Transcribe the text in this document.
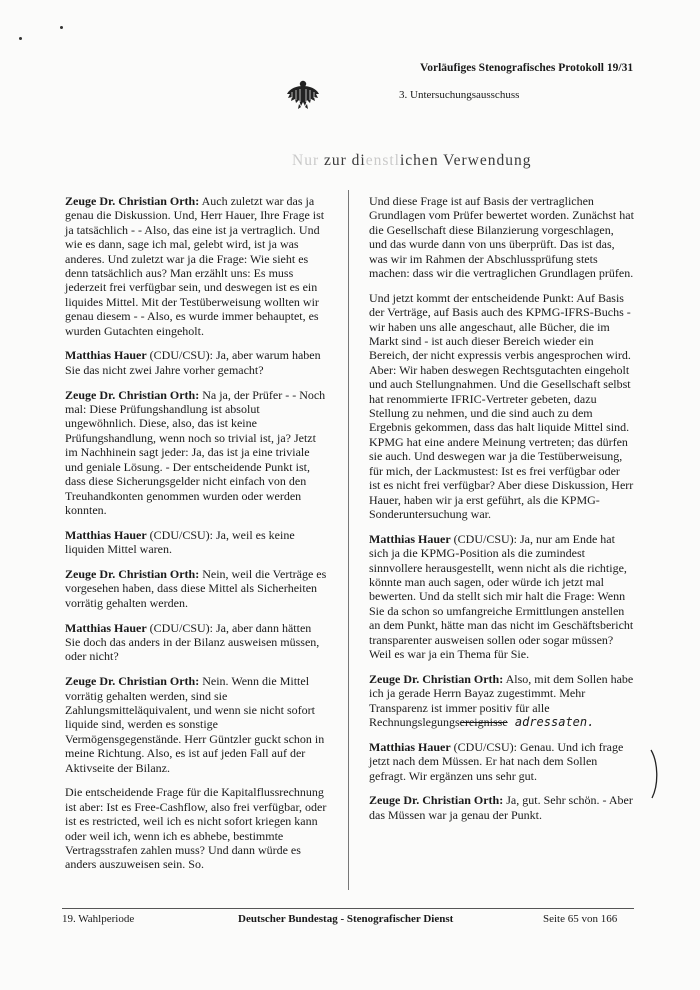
Vorläufiges Stenografisches Protokoll 19/31
3. Untersuchungsausschuss
Nur zur dienstlichen Verwendung

Zeuge Dr. Christian Orth: Auch zuletzt war das ja genau die Diskussion. Und, Herr Hauer, Ihre Frage ist ja tatsächlich - - Also, das eine ist ja vertraglich. Und wie es dann, sage ich mal, gelebt wird, ist ja was anderes. Und zuletzt war ja die Frage: Wie sieht es denn tatsächlich aus? Man erzählt uns: Es muss jederzeit frei verfügbar sein, und deswegen ist es ein liquides Mittel. Mit der Testüberweisung wollten wir genau diesem - - Also, es wurde immer behauptet, es wurden Gutachten eingeholt.

Matthias Hauer (CDU/CSU): Ja, aber warum haben Sie das nicht zwei Jahre vorher gemacht?

Zeuge Dr. Christian Orth: Na ja, der Prüfer - - Noch mal: Diese Prüfungshandlung ist absolut ungewöhnlich. Diese, also, das ist keine Prüfungshandlung, wenn noch so trivial ist, ja? Jetzt im Nachhinein sagt jeder: Ja, das ist ja eine triviale und geniale Lösung. - Der entscheidende Punkt ist, dass diese Sicherungsgelder nicht einfach von den Treuhandkonten genommen wurden oder werden konnten.

Matthias Hauer (CDU/CSU): Ja, weil es keine liquiden Mittel waren.

Zeuge Dr. Christian Orth: Nein, weil die Verträge es vorgesehen haben, dass diese Mittel als Sicherheiten vorrätig gehalten werden.

Matthias Hauer (CDU/CSU): Ja, aber dann hätten Sie doch das anders in der Bilanz ausweisen müssen, oder nicht?

Zeuge Dr. Christian Orth: Nein. Wenn die Mittel vorrätig gehalten werden, sind sie Zahlungsmitteläquivalent, und wenn sie nicht sofort liquide sind, werden es sonstige Vermögensgegenstände. Herr Güntzler guckt schon in meine Richtung. Also, es ist auf jeden Fall auf der Aktivseite der Bilanz.

Die entscheidende Frage für die Kapitalflussrechnung ist aber: Ist es Free-Cashflow, also frei verfügbar, oder ist es restricted, weil ich es nicht sofort kriegen kann oder weil ich, wenn ich es abhebe, bestimmte Vertragsstrafen zahlen muss? Und dann würde es anders auszuweisen sein. So.

Und diese Frage ist auf Basis der vertraglichen Grundlagen vom Prüfer bewertet worden. Zunächst hat die Gesellschaft diese Bilanzierung vorgeschlagen, und das wurde dann von uns überprüft. Das ist das, was wir im Rahmen der Abschlussprüfung stets machen: dass wir die vertraglichen Grundlagen prüfen.

Und jetzt kommt der entscheidende Punkt: Auf Basis der Verträge, auf Basis auch des KPMG-IFRS-Buchs - wir haben uns alle angeschaut, alle Bücher, die im Markt sind - ist auch dieser Bereich wieder ein Bereich, der nicht expressis verbis angesprochen wird. Aber: Wir haben deswegen Rechtsgutachten eingeholt und auch Stellungnahmen. Und die Gesellschaft selbst hat renommierte IFRIC-Vertreter gebeten, dazu Stellung zu nehmen, und die sind auch zu dem Ergebnis gekommen, dass das halt liquide Mittel sind. KPMG hat eine andere Meinung vertreten; das dürfen sie auch. Und deswegen war ja die Testüberweisung, für mich, der Lackmustest: Ist es frei verfügbar oder ist es nicht frei verfügbar? Aber diese Diskussion, Herr Hauer, haben wir ja erst geführt, als die KPMG-Sonderuntersuchung war.

Matthias Hauer (CDU/CSU): Ja, nur am Ende hat sich ja die KPMG-Position als die zumindest sinnvollere herausgestellt, wenn nicht als die richtige, könnte man auch sagen, oder würde ich jetzt mal bewerten. Und da stellt sich mir halt die Frage: Wenn Sie da schon so umfangreiche Ermittlungen anstellen an dem Punkt, hätte man das nicht im Geschäftsbericht transparenter ausweisen sollen oder sogar müssen? Weil es war ja ein Thema für Sie.

Zeuge Dr. Christian Orth: Also, mit dem Sollen habe ich ja gerade Herrn Bayaz zugestimmt. Mehr Transparenz ist immer positiv für alle Rechnungslegungsereignisse adressaten.

Matthias Hauer (CDU/CSU): Genau. Und ich frage jetzt nach dem Müssen. Er hat nach dem Sollen gefragt. Wir ergänzen uns sehr gut.

Zeuge Dr. Christian Orth: Ja, gut. Sehr schön. - Aber das Müssen war ja genau der Punkt.

19. Wahlperiode	Deutscher Bundestag - Stenografischer Dienst	Seite 65 von 166
